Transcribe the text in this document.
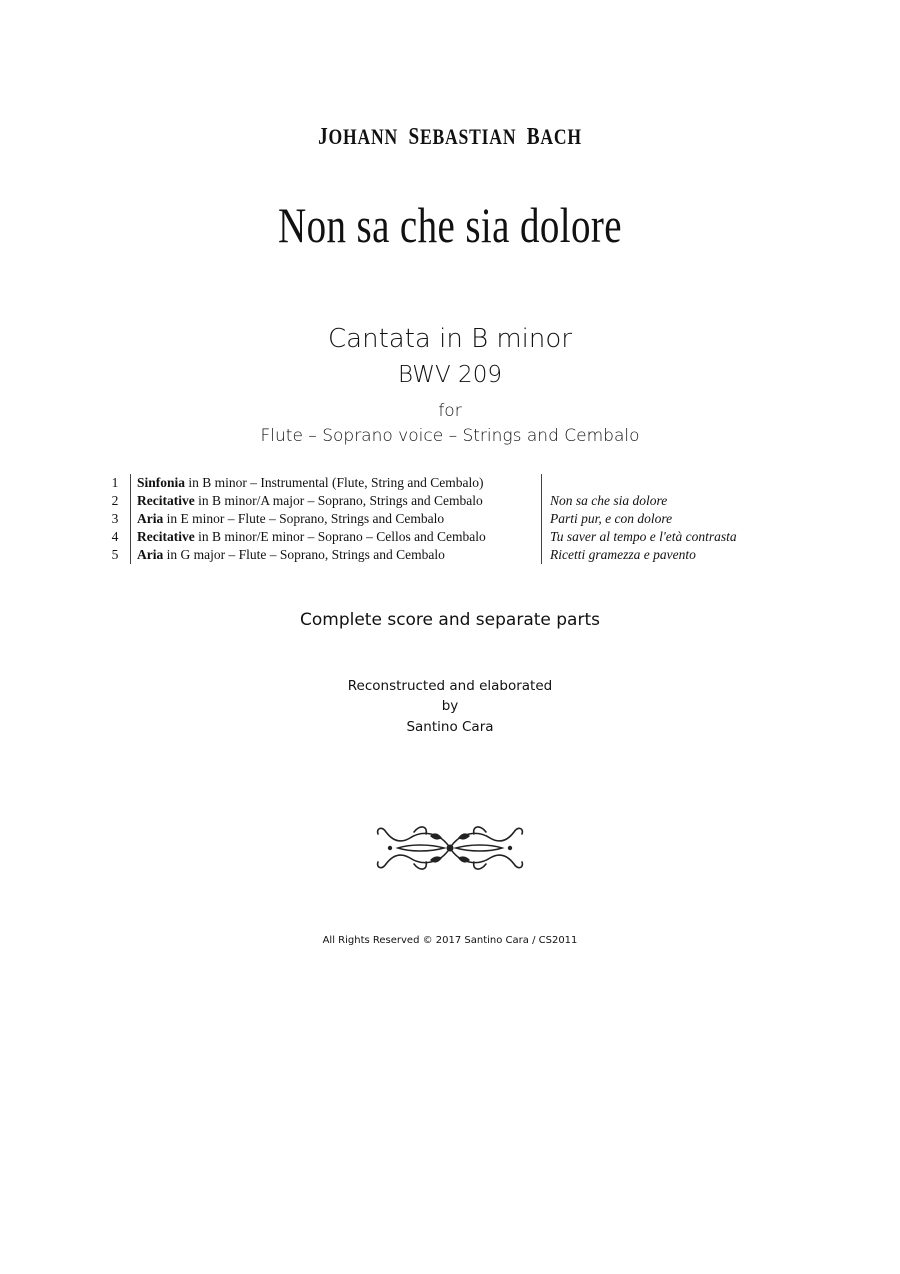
JOHANN SEBASTIAN BACH
Non sa che sia dolore
Cantata in B minor
BWV 209
for
Flute – Soprano voice – Strings and Cembalo
1	Sinfonia in B minor – Instrumental (Flute, String and Cembalo)	
2	Recitative in B minor/A major – Soprano, Strings and Cembalo	Non sa che sia dolore
3	Aria in E minor – Flute – Soprano, Strings and Cembalo	Parti pur, e con dolore
4	Recitative in B minor/E minor – Soprano – Cellos and Cembalo	Tu saver al tempo e l'età contrasta
5	Aria in G major – Flute – Soprano, Strings and Cembalo	Ricetti gramezza e pavento
Complete score and separate parts
Reconstructed and elaborated
by
Santino Cara
All Rights Reserved © 2017 Santino Cara / CS2011
